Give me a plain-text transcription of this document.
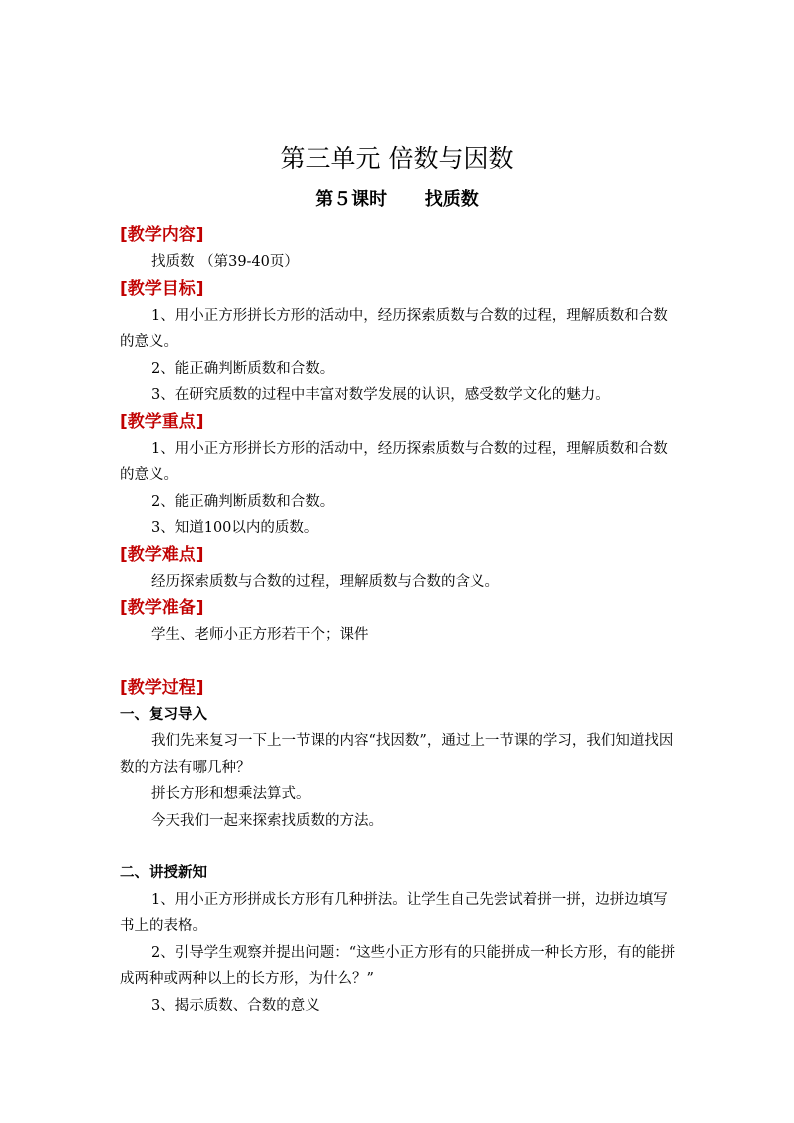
第三单元 倍数与因数
第５课时      找质数
[教学内容]

找质数 （第39-40页）

[教学目标]

1、用小正方形拼长方形的活动中，经历探索质数与合数的过程，理解质数和合数的意义。

2、能正确判断质数和合数。

3、在研究质数的过程中丰富对数学发展的认识，感受数学文化的魅力。

[教学重点]

1、用小正方形拼长方形的活动中，经历探索质数与合数的过程，理解质数和合数的意义。

2、能正确判断质数和合数。

3、知道100以内的质数。

[教学难点]

经历探索质数与合数的过程，理解质数与合数的含义。

[教学准备]

学生、老师小正方形若干个；课件

[教学过程]
一、复习导入

我们先来复习一下上一节课的内容“找因数”，通过上一节课的学习，我们知道找因数的方法有哪几种？

拼长方形和想乘法算式。

今天我们一起来探索找质数的方法。

二、讲授新知

1、用小正方形拼成长方形有几种拼法。让学生自己先尝试着拼一拼，边拼边填写书上的表格。

2、引导学生观察并提出问题：“这些小正方形有的只能拼成一种长方形，有的能拼成两种或两种以上的长方形，为什么？”

3、揭示质数、合数的意义
